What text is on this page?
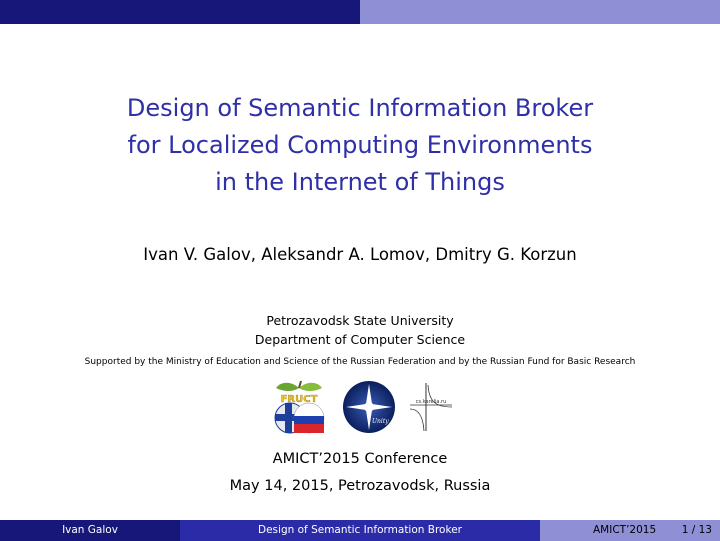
Design of Semantic Information Broker
for Localized Computing Environments
in the Internet of Things
Ivan V. Galov, Aleksandr A. Lomov, Dmitry G. Korzun
Petrozavodsk State University
Department of Computer Science
Supported by the Ministry of Education and Science of the Russian Federation and by the Russian Fund for Basic Research
FRUCT
Unity
cs.karelia.ru
AMICT’2015 Conference
May 14, 2015, Petrozavodsk, Russia
Ivan Galov	Design of Semantic Information Broker	AMICT’2015 1 / 13
